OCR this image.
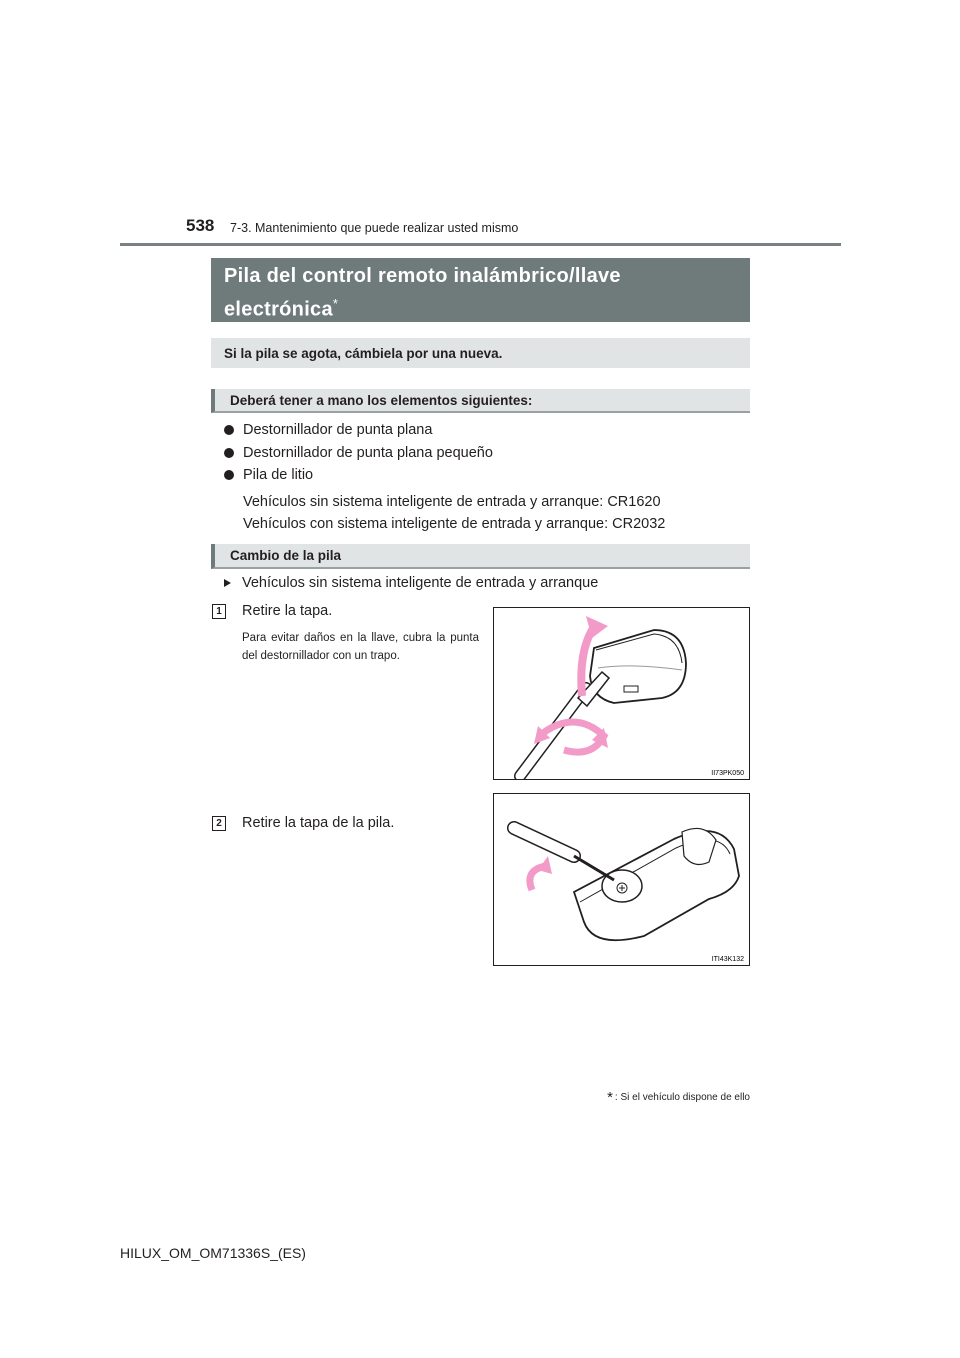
538 7-3. Mantenimiento que puede realizar usted mismo
Pila del control remoto inalámbrico/llave
electrónica*
Si la pila se agota, cámbiela por una nueva.
Deberá tener a mano los elementos siguientes:
Destornillador de punta plana
Destornillador de punta plana pequeño
Pila de litio
Vehículos sin sistema inteligente de entrada y arranque: CR1620
Vehículos con sistema inteligente de entrada y arranque: CR2032
Cambio de la pila
Vehículos sin sistema inteligente de entrada y arranque
1 Retire la tapa.
Para evitar daños en la llave, cubra la punta del destornillador con un trapo.
II73PK050
2 Retire la tapa de la pila.
ITI43K132
* : Si el vehículo dispone de ello
HILUX_OM_OM71336S_(ES)
